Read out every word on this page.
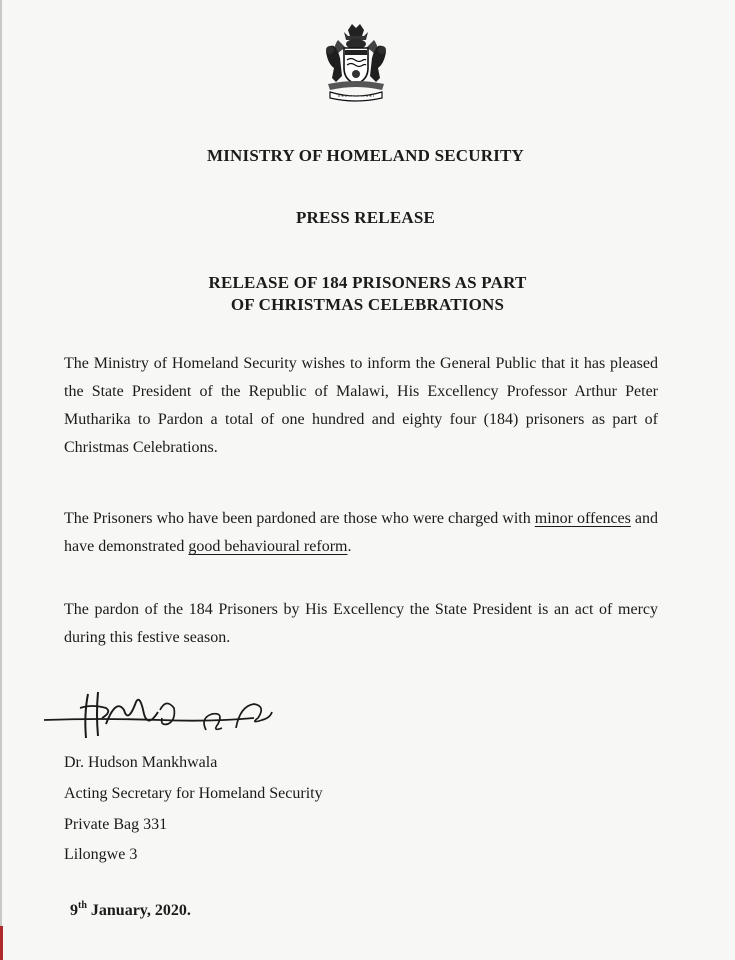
MINISTRY OF HOMELAND SECURITY

PRESS RELEASE

RELEASE OF 184 PRISONERS AS PART
OF CHRISTMAS CELEBRATIONS

The Ministry of Homeland Security wishes to inform the General Public that it has pleased the State President of the Republic of Malawi, His Excellency Professor Arthur Peter Mutharika to Pardon a total of one hundred and eighty four (184) prisoners as part of Christmas Celebrations.

The Prisoners who have been pardoned are those who were charged with minor offences and have demonstrated good behavioural reform.

The pardon of the 184 Prisoners by His Excellency the State President is an act of mercy during this festive season.

Dr. Hudson Mankhwala

Acting Secretary for Homeland Security

Private Bag 331

Lilongwe 3

9th January, 2020.
